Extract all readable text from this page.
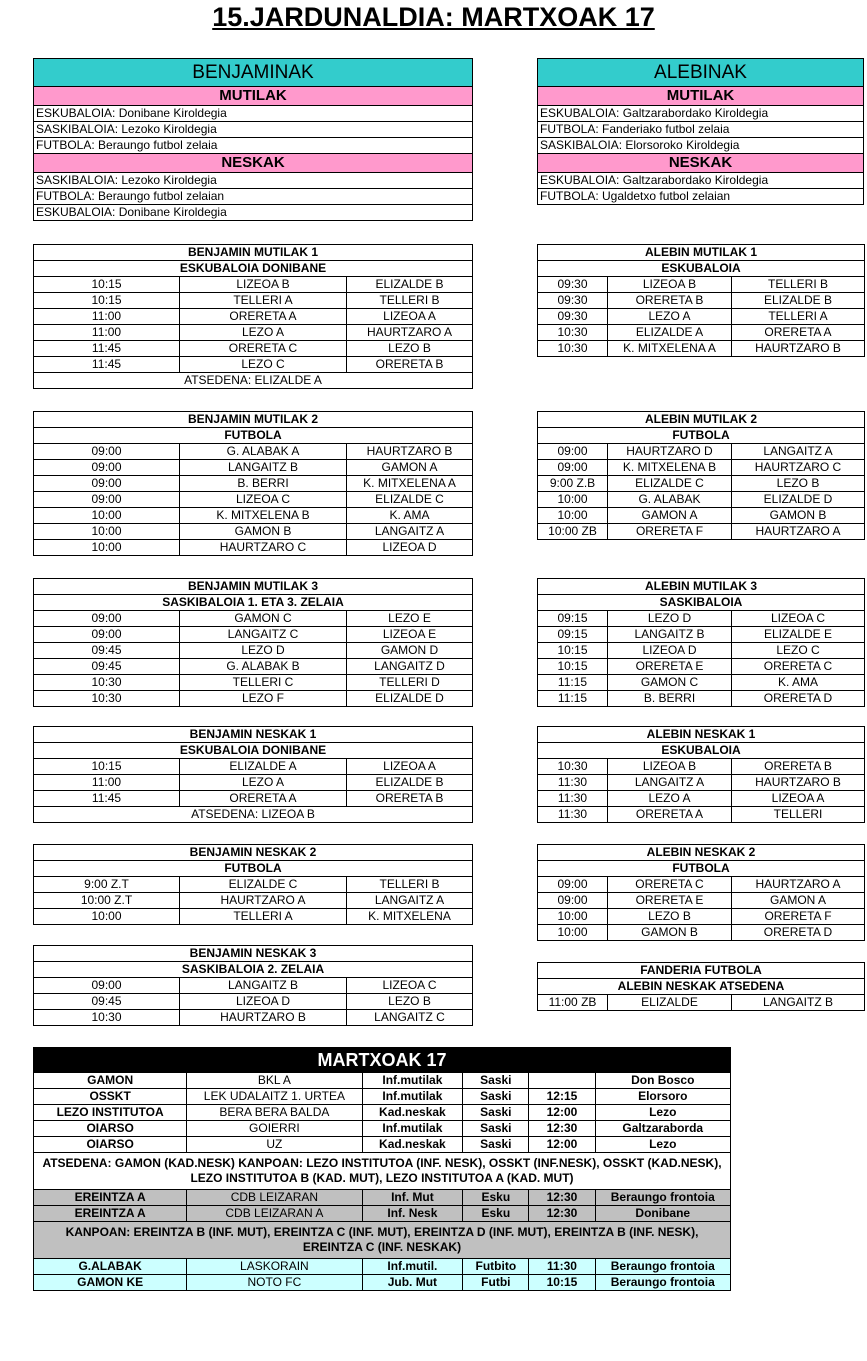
15.JARDUNALDIA: MARTXOAK 17
BENJAMINAK
MUTILAK
ESKUBALOIA: Donibane Kiroldegia
SASKIBALOIA: Lezoko Kiroldegia
FUTBOLA: Beraungo futbol zelaia
NESKAK
SASKIBALOIA: Lezoko Kiroldegia
FUTBOLA: Beraungo futbol zelaian
ESKUBALOIA: Donibane Kiroldegia
ALEBINAK
MUTILAK
ESKUBALOIA: Galtzarabordako Kiroldegia
FUTBOLA: Fanderiako futbol zelaia
SASKIBALOIA: Elorsoroko Kiroldegia
NESKAK
ESKUBALOIA: Galtzarabordako Kiroldegia
FUTBOLA: Ugaldetxo futbol zelaian
BENJAMIN MUTILAK 1		
ESKUBALOIA DONIBANE		
10:15	LIZEOA B	ELIZALDE B
10:15	TELLERI A	TELLERI B
11:00	ORERETA A	LIZEOA A
11:00	LEZO A	HAURTZARO A
11:45	ORERETA C	LEZO B
11:45	LEZO C	ORERETA B
ATSEDENA: ELIZALDE A		
ALEBIN MUTILAK 1		
ESKUBALOIA		
09:30	LIZEOA B	TELLERI B
09:30	ORERETA B	ELIZALDE B
09:30	LEZO A	TELLERI A
10:30	ELIZALDE A	ORERETA A
10:30	K. MITXELENA A	HAURTZARO B
BENJAMIN MUTILAK 2		
FUTBOLA		
09:00	G. ALABAK A	HAURTZARO B
09:00	LANGAITZ B	GAMON A
09:00	B. BERRI	K. MITXELENA A
09:00	LIZEOA C	ELIZALDE C
10:00	K. MITXELENA B	K. AMA
10:00	GAMON B	LANGAITZ A
10:00	HAURTZARO C	LIZEOA D
ALEBIN MUTILAK 2		
FUTBOLA		
09:00	HAURTZARO D	LANGAITZ A
09:00	K. MITXELENA B	HAURTZARO C
9:00 Z.B	ELIZALDE C	LEZO B
10:00	G. ALABAK	ELIZALDE D
10:00	GAMON A	GAMON B
10:00 ZB	ORERETA F	HAURTZARO A
BENJAMIN MUTILAK 3		
SASKIBALOIA 1. ETA 3. ZELAIA		
09:00	GAMON C	LEZO E
09:00	LANGAITZ C	LIZEOA E
09:45	LEZO D	GAMON D
09:45	G. ALABAK B	LANGAITZ D
10:30	TELLERI C	TELLERI D
10:30	LEZO F	ELIZALDE D
ALEBIN MUTILAK 3		
SASKIBALOIA		
09:15	LEZO D	LIZEOA C
09:15	LANGAITZ B	ELIZALDE E
10:15	LIZEOA D	LEZO C
10:15	ORERETA E	ORERETA C
11:15	GAMON C	K. AMA
11:15	B. BERRI	ORERETA D
BENJAMIN NESKAK 1		
ESKUBALOIA DONIBANE		
10:15	ELIZALDE A	LIZEOA A
11:00	LEZO A	ELIZALDE B
11:45	ORERETA A	ORERETA B
ATSEDENA: LIZEOA B		
ALEBIN NESKAK 1		
ESKUBALOIA		
10:30	LIZEOA B	ORERETA B
11:30	LANGAITZ A	HAURTZARO B
11:30	LEZO A	LIZEOA A
11:30	ORERETA A	TELLERI
BENJAMIN NESKAK 2		
FUTBOLA		
9:00 Z.T	ELIZALDE C	TELLERI B
10:00 Z.T	HAURTZARO A	LANGAITZ A
10:00	TELLERI A	K. MITXELENA
ALEBIN NESKAK 2		
FUTBOLA		
09:00	ORERETA C	HAURTZARO A
09:00	ORERETA E	GAMON A
10:00	LEZO B	ORERETA F
10:00	GAMON B	ORERETA D
BENJAMIN NESKAK 3		
SASKIBALOIA 2. ZELAIA		
09:00	LANGAITZ B	LIZEOA C
09:45	LIZEOA D	LEZO B
10:30	HAURTZARO B	LANGAITZ C
FANDERIA FUTBOLA
ALEBIN NESKAK ATSEDENA
11:00 ZB	ELIZALDE	LANGAITZ B
MARTXOAK 17					
GAMON	BKL A	Inf.mutilak	Saski		Don Bosco
OSSKT	LEK UDALAITZ 1. URTEA	Inf.mutilak	Saski	12:15	Elorsoro
LEZO INSTITUTOA	BERA BERA BALDA	Kad.neskak	Saski	12:00	Lezo
OIARSO	GOIERRI	Inf.mutilak	Saski	12:30	Galtzaraborda
OIARSO	UZ	Kad.neskak	Saski	12:00	Lezo
ATSEDENA: GAMON (KAD.NESK) KANPOAN: LEZO INSTITUTOA (INF. NESK), OSSKT (INF.NESK), OSSKT (KAD.NESK), LEZO INSTITUTOA B (KAD. MUT), LEZO INSTITUTOA A (KAD. MUT)					
EREINTZA A	CDB LEIZARAN	Inf. Mut	Esku	12:30	Beraungo frontoia
EREINTZA A	CDB LEIZARAN A	Inf. Nesk	Esku	12:30	Donibane
KANPOAN: EREINTZA B (INF. MUT), EREINTZA C (INF. MUT), EREINTZA D (INF. MUT), EREINTZA B (INF. NESK), EREINTZA C (INF. NESKAK)					
G.ALABAK	LASKORAIN	Inf.mutil.	Futbito	11:30	Beraungo frontoia
GAMON KE	NOTO FC	Jub. Mut	Futbi	10:15	Beraungo frontoia
